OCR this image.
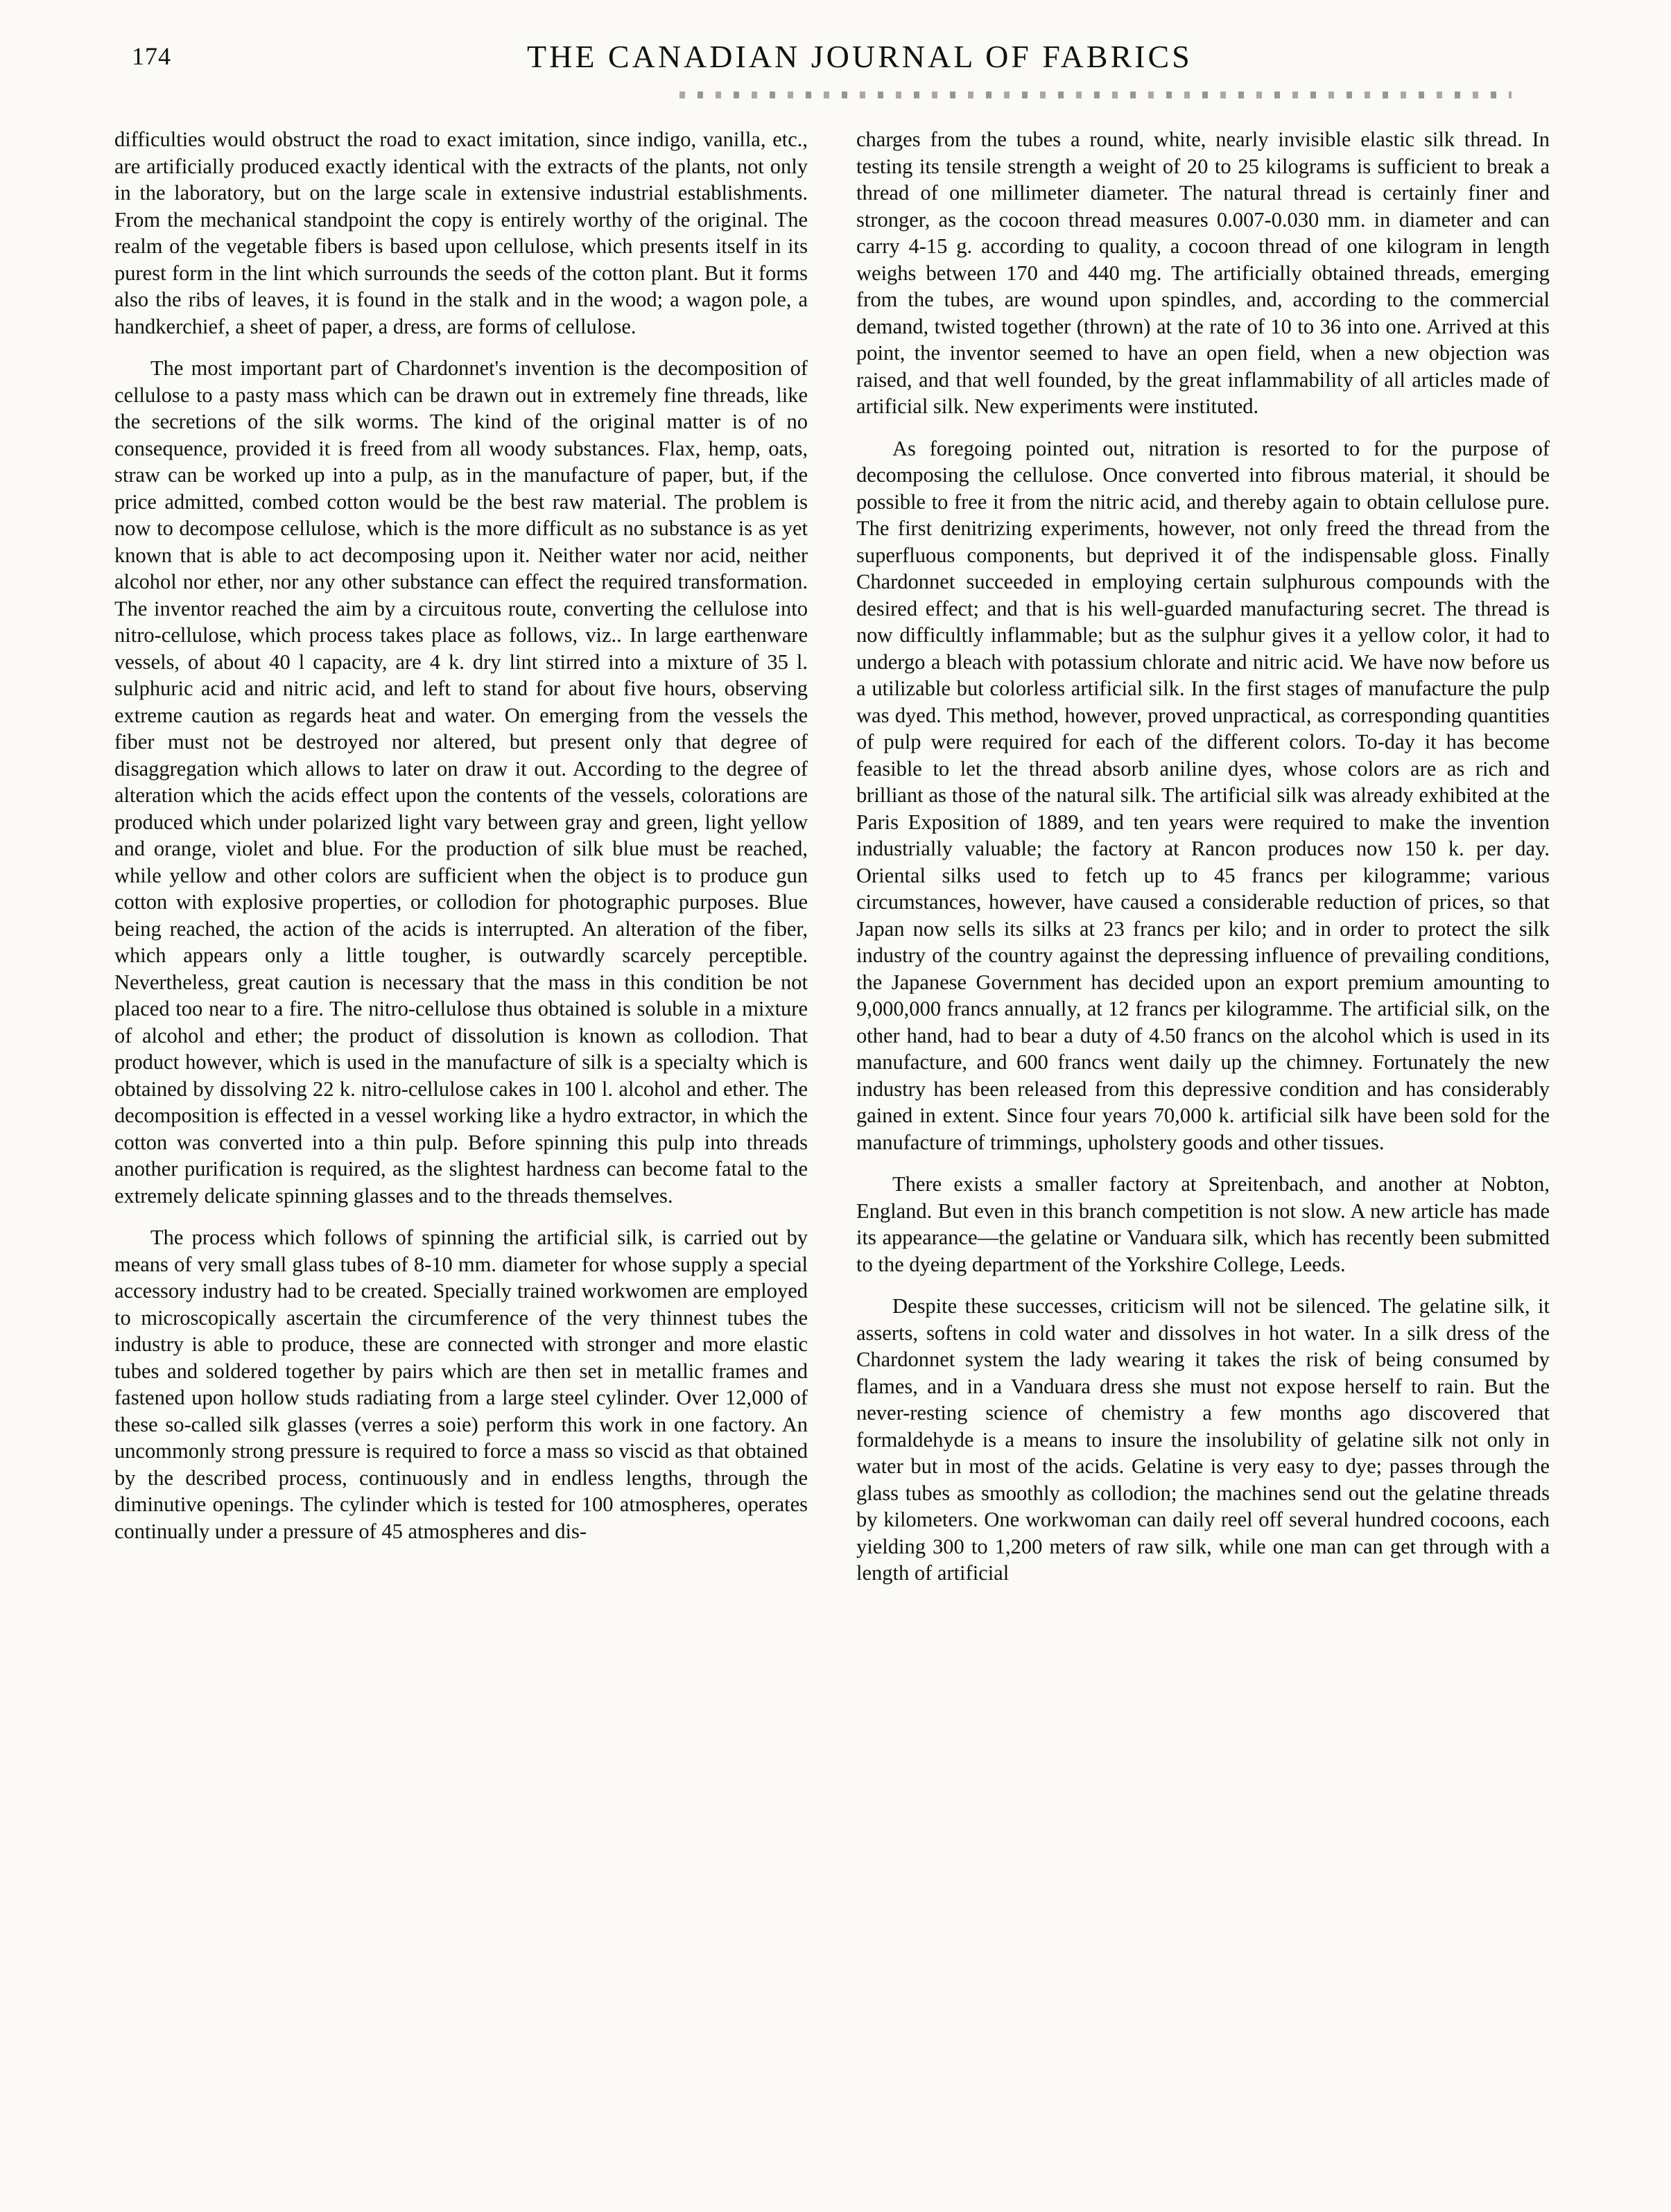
174	THE CANADIAN JOURNAL OF FABRICS

difficulties would obstruct the road to exact imitation, since indigo, vanilla, etc., are artificially produced exactly identical with the extracts of the plants, not only in the laboratory, but on the large scale in extensive industrial establishments. From the mechanical standpoint the copy is entirely worthy of the original. The realm of the vegetable fibers is based upon cellulose, which presents itself in its purest form in the lint which surrounds the seeds of the cotton plant. But it forms also the ribs of leaves, it is found in the stalk and in the wood; a wagon pole, a handkerchief, a sheet of paper, a dress, are forms of cellulose.

The most important part of Chardonnet's invention is the decomposition of cellulose to a pasty mass which can be drawn out in extremely fine threads, like the secretions of the silk worms. The kind of the original matter is of no consequence, provided it is freed from all woody substances. Flax, hemp, oats, straw can be worked up into a pulp, as in the manufacture of paper, but, if the price admitted, combed cotton would be the best raw material. The problem is now to decompose cellulose, which is the more difficult as no substance is as yet known that is able to act decomposing upon it. Neither water nor acid, neither alcohol nor ether, nor any other substance can effect the required transformation. The inventor reached the aim by a circuitous route, converting the cellulose into nitro-cellulose, which process takes place as follows, viz.. In large earthenware vessels, of about 40 l capacity, are 4 k. dry lint stirred into a mixture of 35 l. sulphuric acid and nitric acid, and left to stand for about five hours, observing extreme caution as regards heat and water. On emerging from the vessels the fiber must not be destroyed nor altered, but present only that degree of disaggregation which allows to later on draw it out. According to the degree of alteration which the acids effect upon the contents of the vessels, colorations are produced which under polarized light vary between gray and green, light yellow and orange, violet and blue. For the production of silk blue must be reached, while yellow and other colors are sufficient when the object is to produce gun cotton with explosive properties, or collodion for photographic purposes. Blue being reached, the action of the acids is interrupted. An alteration of the fiber, which appears only a little tougher, is outwardly scarcely perceptible. Nevertheless, great caution is necessary that the mass in this condition be not placed too near to a fire. The nitro-cellulose thus obtained is soluble in a mixture of alcohol and ether; the product of dissolution is known as collodion. That product however, which is used in the manufacture of silk is a specialty which is obtained by dissolving 22 k. nitro-cellulose cakes in 100 l. alcohol and ether. The decomposition is effected in a vessel working like a hydro extractor, in which the cotton was converted into a thin pulp. Before spinning this pulp into threads another purification is required, as the slightest hardness can become fatal to the extremely delicate spinning glasses and to the threads themselves.

The process which follows of spinning the artificial silk, is carried out by means of very small glass tubes of 8-10 mm. diameter for whose supply a special accessory industry had to be created. Specially trained workwomen are employed to microscopically ascertain the circumference of the very thinnest tubes the industry is able to produce, these are connected with stronger and more elastic tubes and soldered together by pairs which are then set in metallic frames and fastened upon hollow studs radiating from a large steel cylinder. Over 12,000 of these so-called silk glasses (verres a soie) perform this work in one factory. An uncommonly strong pressure is required to force a mass so viscid as that obtained by the described process, continuously and in endless lengths, through the diminutive openings. The cylinder which is tested for 100 atmospheres, operates continually under a pressure of 45 atmospheres and dis-

charges from the tubes a round, white, nearly invisible elastic silk thread. In testing its tensile strength a weight of 20 to 25 kilograms is sufficient to break a thread of one millimeter diameter. The natural thread is certainly finer and stronger, as the cocoon thread measures 0.007-0.030 mm. in diameter and can carry 4-15 g. according to quality, a cocoon thread of one kilogram in length weighs between 170 and 440 mg. The artificially obtained threads, emerging from the tubes, are wound upon spindles, and, according to the commercial demand, twisted together (thrown) at the rate of 10 to 36 into one. Arrived at this point, the inventor seemed to have an open field, when a new objection was raised, and that well founded, by the great inflammability of all articles made of artificial silk. New experiments were instituted.

As foregoing pointed out, nitration is resorted to for the purpose of decomposing the cellulose. Once converted into fibrous material, it should be possible to free it from the nitric acid, and thereby again to obtain cellulose pure. The first denitrizing experiments, however, not only freed the thread from the superfluous components, but deprived it of the indispensable gloss. Finally Chardonnet succeeded in employing certain sulphurous compounds with the desired effect; and that is his well-guarded manufacturing secret. The thread is now difficultly inflammable; but as the sulphur gives it a yellow color, it had to undergo a bleach with potassium chlorate and nitric acid. We have now before us a utilizable but colorless artificial silk. In the first stages of manufacture the pulp was dyed. This method, however, proved unpractical, as corresponding quantities of pulp were required for each of the different colors. To-day it has become feasible to let the thread absorb aniline dyes, whose colors are as rich and brilliant as those of the natural silk. The artificial silk was already exhibited at the Paris Exposition of 1889, and ten years were required to make the invention industrially valuable; the factory at Rancon produces now 150 k. per day. Oriental silks used to fetch up to 45 francs per kilogramme; various circumstances, however, have caused a considerable reduction of prices, so that Japan now sells its silks at 23 francs per kilo; and in order to protect the silk industry of the country against the depressing influence of prevailing conditions, the Japanese Government has decided upon an export premium amounting to 9,000,000 francs annually, at 12 francs per kilogramme. The artificial silk, on the other hand, had to bear a duty of 4.50 francs on the alcohol which is used in its manufacture, and 600 francs went daily up the chimney. Fortunately the new industry has been released from this depressive condition and has considerably gained in extent. Since four years 70,000 k. artificial silk have been sold for the manufacture of trimmings, upholstery goods and other tissues.

There exists a smaller factory at Spreitenbach, and another at Nobton, England. But even in this branch competition is not slow. A new article has made its appearance—the gelatine or Vanduara silk, which has recently been submitted to the dyeing department of the Yorkshire College, Leeds.

Despite these successes, criticism will not be silenced. The gelatine silk, it asserts, softens in cold water and dissolves in hot water. In a silk dress of the Chardonnet system the lady wearing it takes the risk of being consumed by flames, and in a Vanduara dress she must not expose herself to rain. But the never-resting science of chemistry a few months ago discovered that formaldehyde is a means to insure the insolubility of gelatine silk not only in water but in most of the acids. Gelatine is very easy to dye; passes through the glass tubes as smoothly as collodion; the machines send out the gelatine threads by kilometers. One workwoman can daily reel off several hundred cocoons, each yielding 300 to 1,200 meters of raw silk, while one man can get through with a length of artificial
